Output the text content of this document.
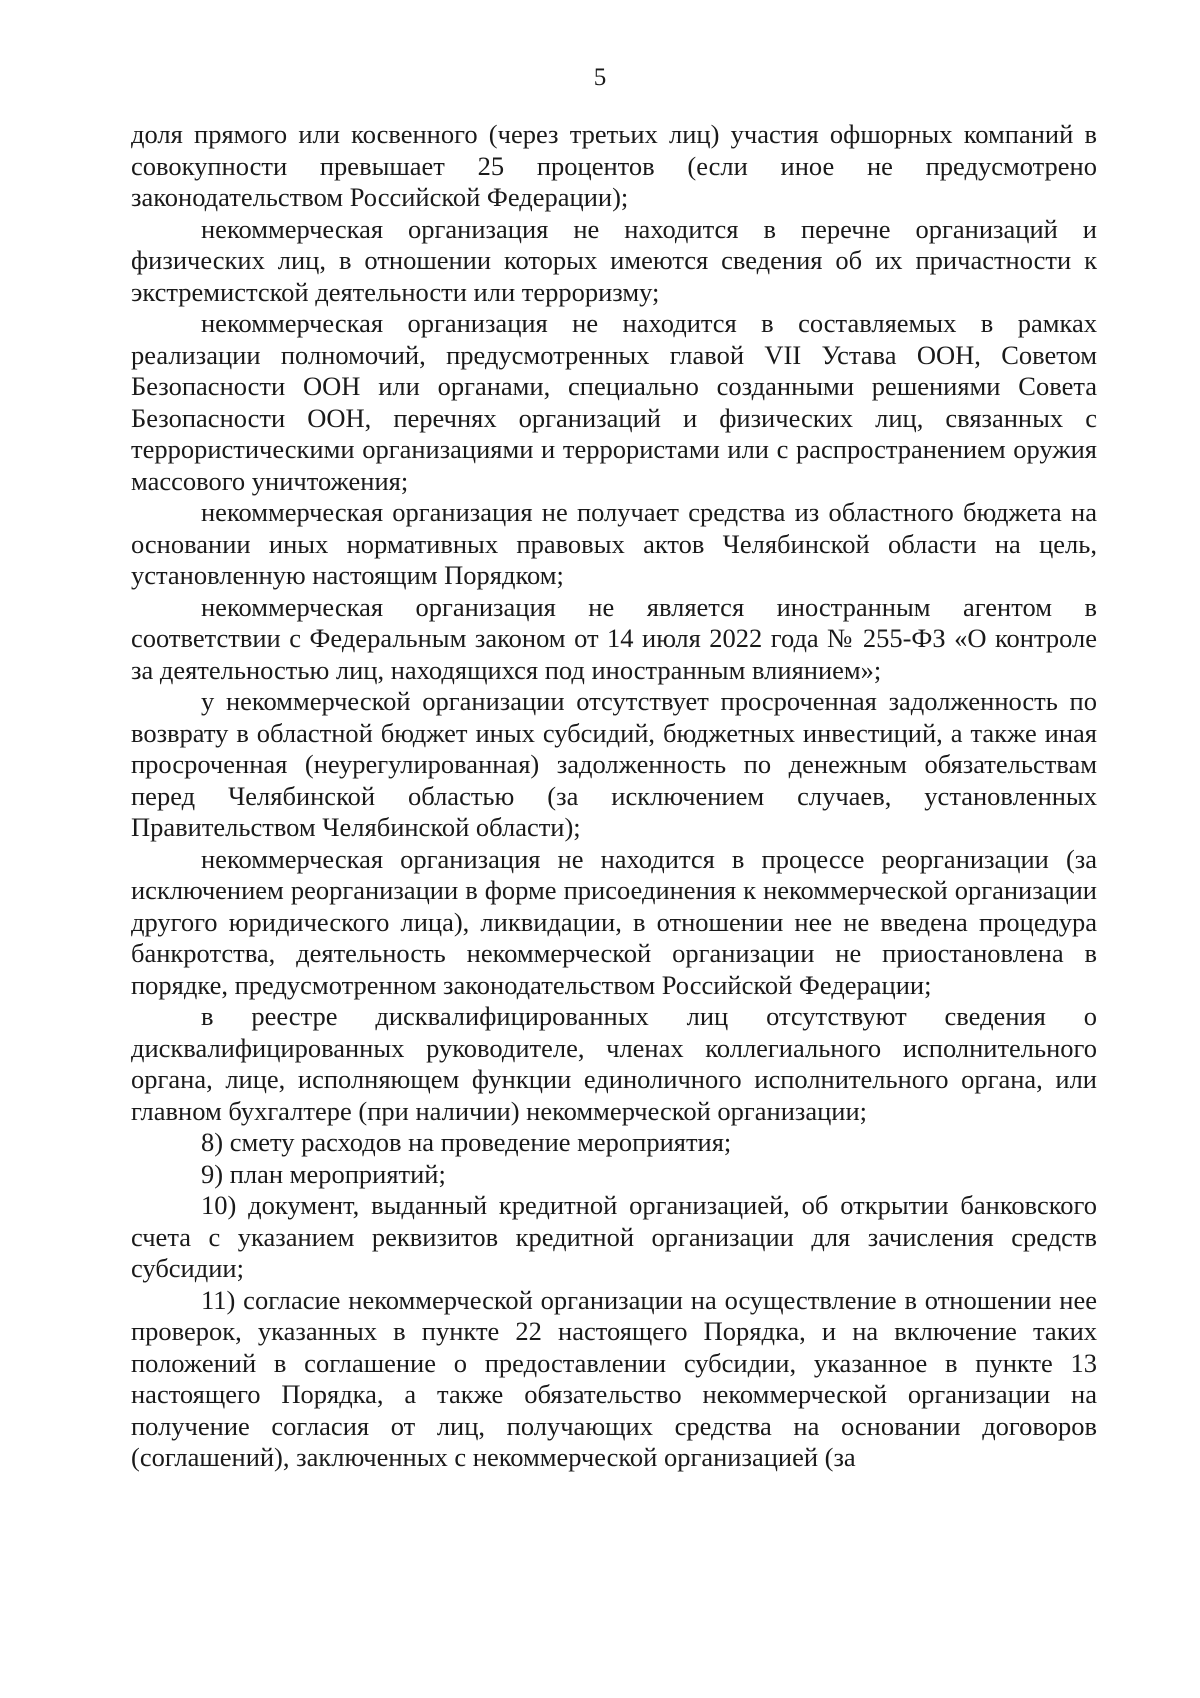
5

доля прямого или косвенного (через третьих лиц) участия офшорных компаний в совокупности превышает 25 процентов (если иное не предусмотрено законодательством Российской Федерации);

некоммерческая организация не находится в перечне организаций и физических лиц, в отношении которых имеются сведения об их причастности к экстремистской деятельности или терроризму;

некоммерческая организация не находится в составляемых в рамках реализации полномочий, предусмотренных главой VII Устава ООН, Советом Безопасности ООН или органами, специально созданными решениями Совета Безопасности ООН, перечнях организаций и физических лиц, связанных с террористическими организациями и террористами или с распространением оружия массового уничтожения;

некоммерческая организация не получает средства из областного бюджета на основании иных нормативных правовых актов Челябинской области на цель, установленную настоящим Порядком;

некоммерческая организация не является иностранным агентом в соответствии с Федеральным законом от 14 июля 2022 года № 255-ФЗ «О контроле за деятельностью лиц, находящихся под иностранным влиянием»;

у некоммерческой организации отсутствует просроченная задолженность по возврату в областной бюджет иных субсидий, бюджетных инвестиций, а также иная просроченная (неурегулированная) задолженность по денежным обязательствам перед Челябинской областью (за исключением случаев, установленных Правительством Челябинской области);

некоммерческая организация не находится в процессе реорганизации (за исключением реорганизации в форме присоединения к некоммерческой организации другого юридического лица), ликвидации, в отношении нее не введена процедура банкротства, деятельность некоммерческой организации не приостановлена в порядке, предусмотренном законодательством Российской Федерации;

в реестре дисквалифицированных лиц отсутствуют сведения о дисквалифицированных руководителе, членах коллегиального исполнительного органа, лице, исполняющем функции единоличного исполнительного органа, или главном бухгалтере (при наличии) некоммерческой организации;

8) смету расходов на проведение мероприятия;

9) план мероприятий;

10) документ, выданный кредитной организацией, об открытии банковского счета с указанием реквизитов кредитной организации для зачисления средств субсидии;

11) согласие некоммерческой организации на осуществление в отношении нее проверок, указанных в пункте 22 настоящего Порядка, и на включение таких положений в соглашение о предоставлении субсидии, указанное в пункте 13 настоящего Порядка, а также обязательство некоммерческой организации на получение согласия от лиц, получающих средства на основании договоров (соглашений), заключенных с некоммерческой организацией (за
